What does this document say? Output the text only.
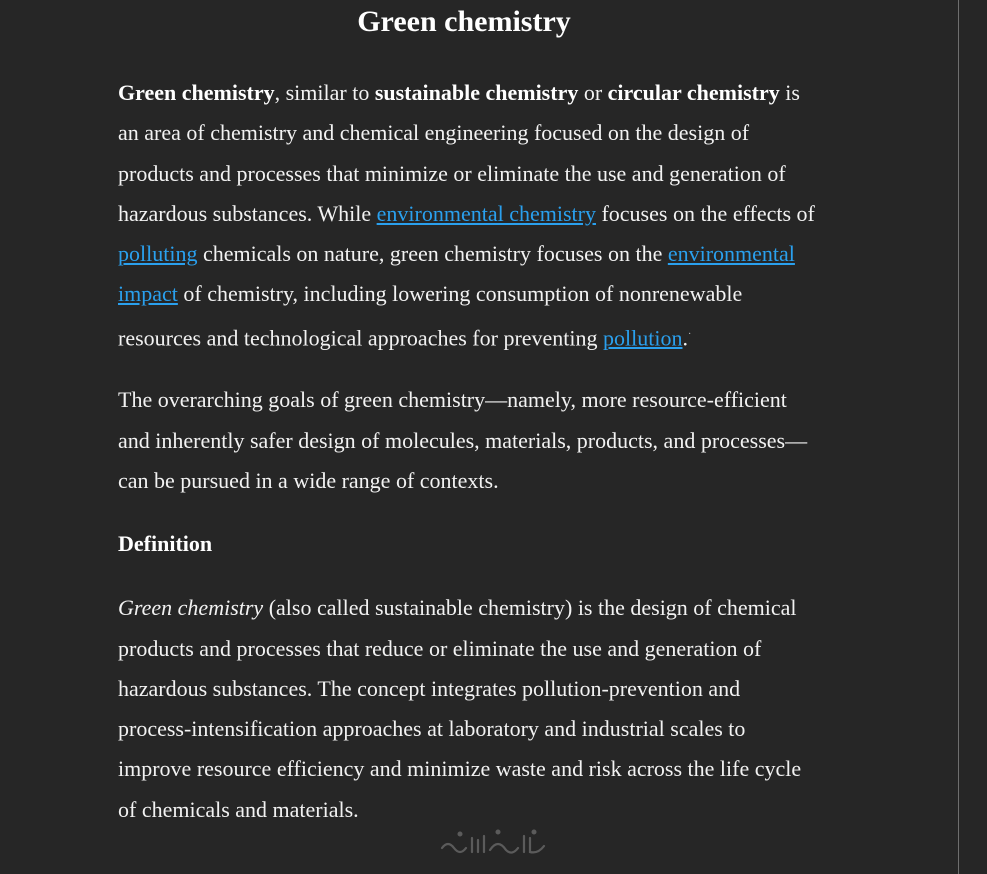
Green chemistry

Green chemistry, similar to sustainable chemistry or circular chemistry is an area of chemistry and chemical engineering focused on the design of products and processes that minimize or eliminate the use and generation of hazardous substances. While environmental chemistry focuses on the effects of polluting chemicals on nature, green chemistry focuses on the environmental impact of chemistry, including lowering consumption of nonrenewable resources and technological approaches for preventing pollution.·

The overarching goals of green chemistry—namely, more resource-efficient and inherently safer design of molecules, materials, products, and processes—can be pursued in a wide range of contexts.

Definition

Green chemistry (also called sustainable chemistry) is the design of chemical products and processes that reduce or eliminate the use and generation of hazardous substances. The concept integrates pollution-prevention and process-intensification approaches at laboratory and industrial scales to improve resource efficiency and minimize waste and risk across the life cycle of chemicals and materials.
